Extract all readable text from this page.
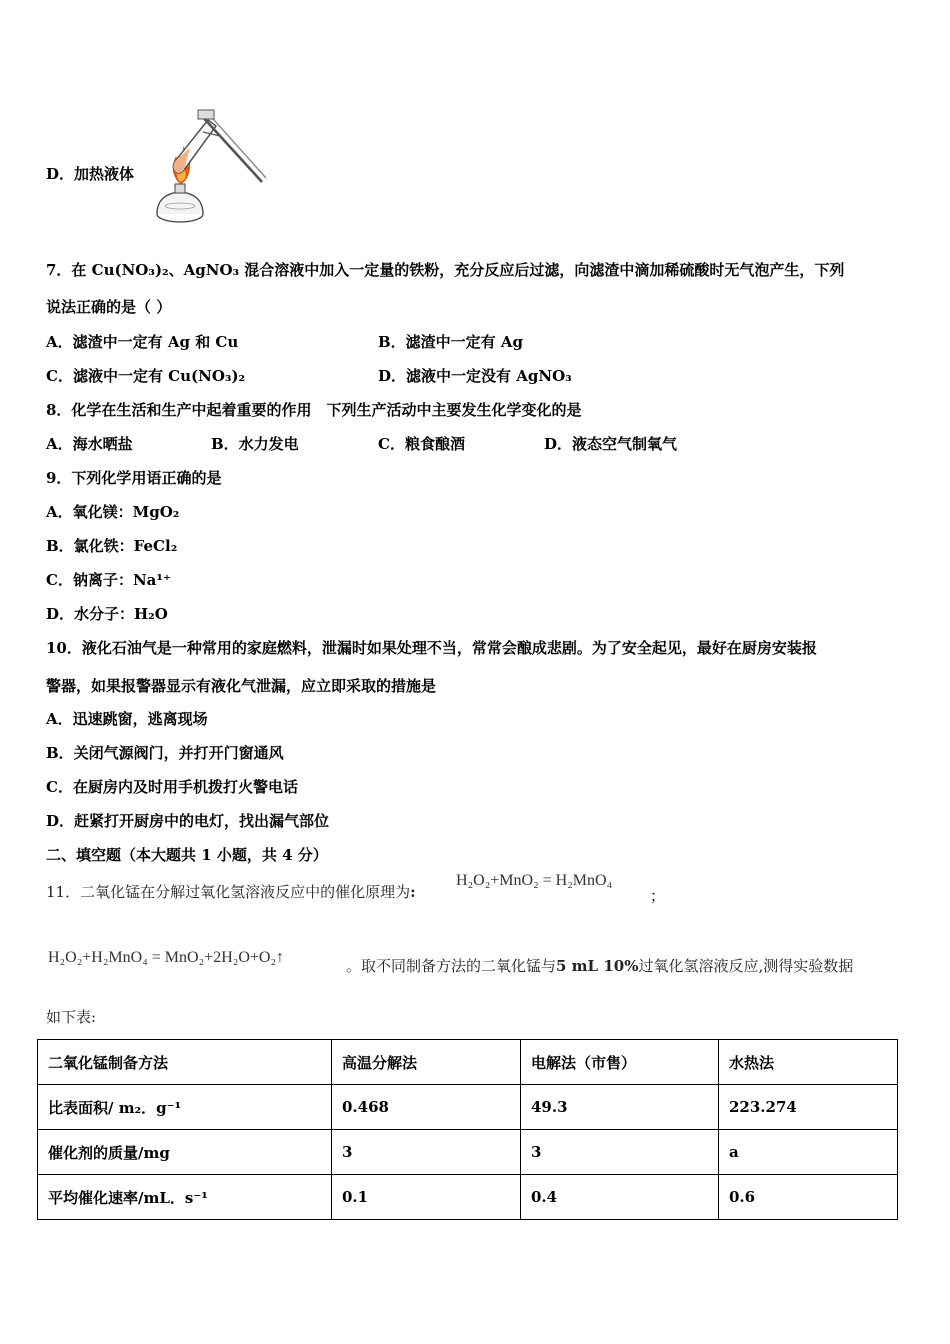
D．加热液体
7．在 Cu(NO₃)₂、AgNO₃ 混合溶液中加入一定量的铁粉，充分反应后过滤，向滤渣中滴加稀硫酸时无气泡产生，下列
说法正确的是（ ）
A．滤渣中一定有 Ag 和 Cu	B．滤渣中一定有 Ag
C．滤液中一定有 Cu(NO₃)₂	D．滤液中一定没有 AgNO₃
8．化学在生活和生产中起着重要的作用　下列生产活动中主要发生化学变化的是
A．海水晒盐	B．水力发电	C．粮食酿酒	D．液态空气制氧气
9．下列化学用语正确的是
A．氧化镁：MgO₂
B．氯化铁：FeCl₂
C．钠离子：Na¹⁺
D．水分子：H₂O
10．液化石油气是一种常用的家庭燃料，泄漏时如果处理不当，常常会酿成悲剧。为了安全起见，最好在厨房安装报
警器，如果报警器显示有液化气泄漏，应立即采取的措施是
A．迅速跳窗，逃离现场
B．关闭气源阀门，并打开门窗通风
C．在厨房内及时用手机拨打火警电话
D．赶紧打开厨房中的电灯，找出漏气部位
二、填空题（本大题共 1 小题，共 4 分）
11．二氧化锰在分解过氧化氢溶液反应中的催化原理为:
H₂O₂+MnO₂ = H₂MnO₄
；
H₂O₂+H₂MnO₄ = MnO₂+2H₂O+O₂↑	。取不同制备方法的二氧化锰与5 mL 10%过氧化氢溶液反应,测得实验数据
如下表:
二氧化锰制备方法	高温分解法	电解法（市售）	水热法
比表面积/ m₂．g⁻¹	0.468	49.3	223.274
催化剂的质量/mg	3	3	a
平均催化速率/mL．s⁻¹	0.1	0.4	0.6
